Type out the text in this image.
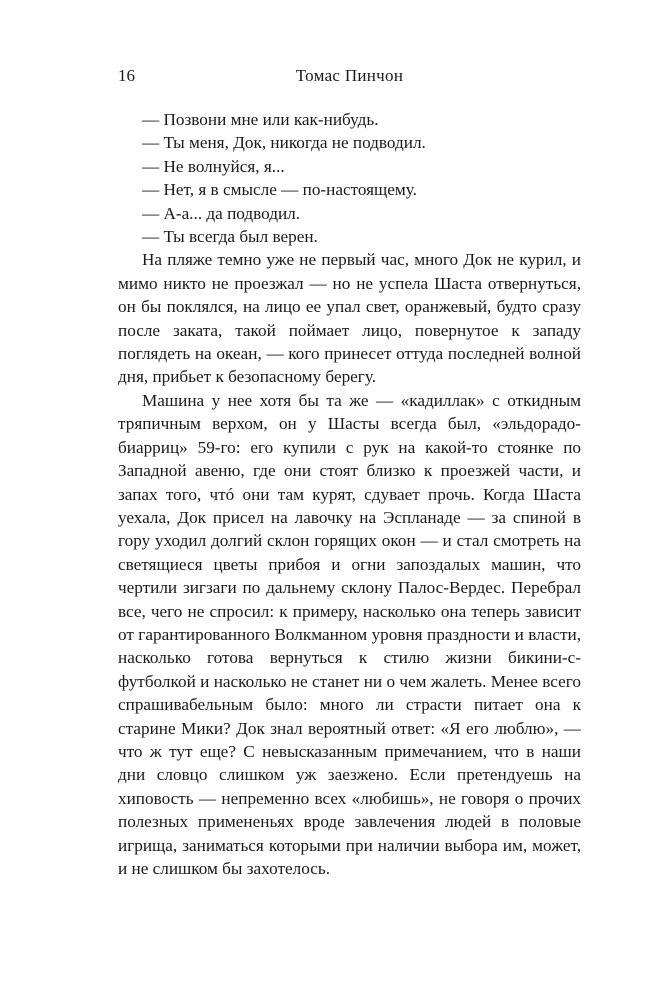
16	Томас Пинчон

— Позвони мне или как-нибудь.

— Ты меня, Док, никогда не подводил.

— Не волнуйся, я...

— Нет, я в смысле — по-настоящему.

— А-а... да подводил.

— Ты всегда был верен.

На пляже темно уже не первый час, много Док не курил, и мимо никто не проезжал — но не успела Шаста отвернуться, он бы поклялся, на лицо ее упал свет, оранжевый, будто сразу после заката, такой поймает лицо, повернутое к западу поглядеть на океан, — кого принесет оттуда последней волной дня, прибьет к безопасному берегу.

Машина у нее хотя бы та же — «кадиллак» с откидным тряпичным верхом, он у Шасты всегда был, «эльдорадо-биарриц» 59-го: его купили с рук на какой-то стоянке по Западной авеню, где они стоят близко к проезжей части, и запах того, чтó они там курят, сдувает прочь. Когда Шаста уехала, Док присел на лавочку на Эспланаде — за спиной в гору уходил долгий склон горящих окон — и стал смотреть на светящиеся цветы прибоя и огни запоздалых машин, что чертили зигзаги по дальнему склону Палос-Вердес. Перебрал все, чего не спросил: к примеру, насколько она теперь зависит от гарантированного Волкманном уровня праздности и власти, насколько готова вернуться к стилю жизни бикини-с-футболкой и насколько не станет ни о чем жалеть. Менее всего спрашивабельным было: много ли страсти питает она к старине Мики? Док знал вероятный ответ: «Я его люблю», — что ж тут еще? С невысказанным примечанием, что в наши дни словцо слишком уж заезжено. Если претендуешь на хиповость — непременно всех «любишь», не говоря о прочих полезных примененьях вроде завлечения людей в половые игрища, заниматься которыми при наличии выбора им, может, и не слишком бы захотелось.
